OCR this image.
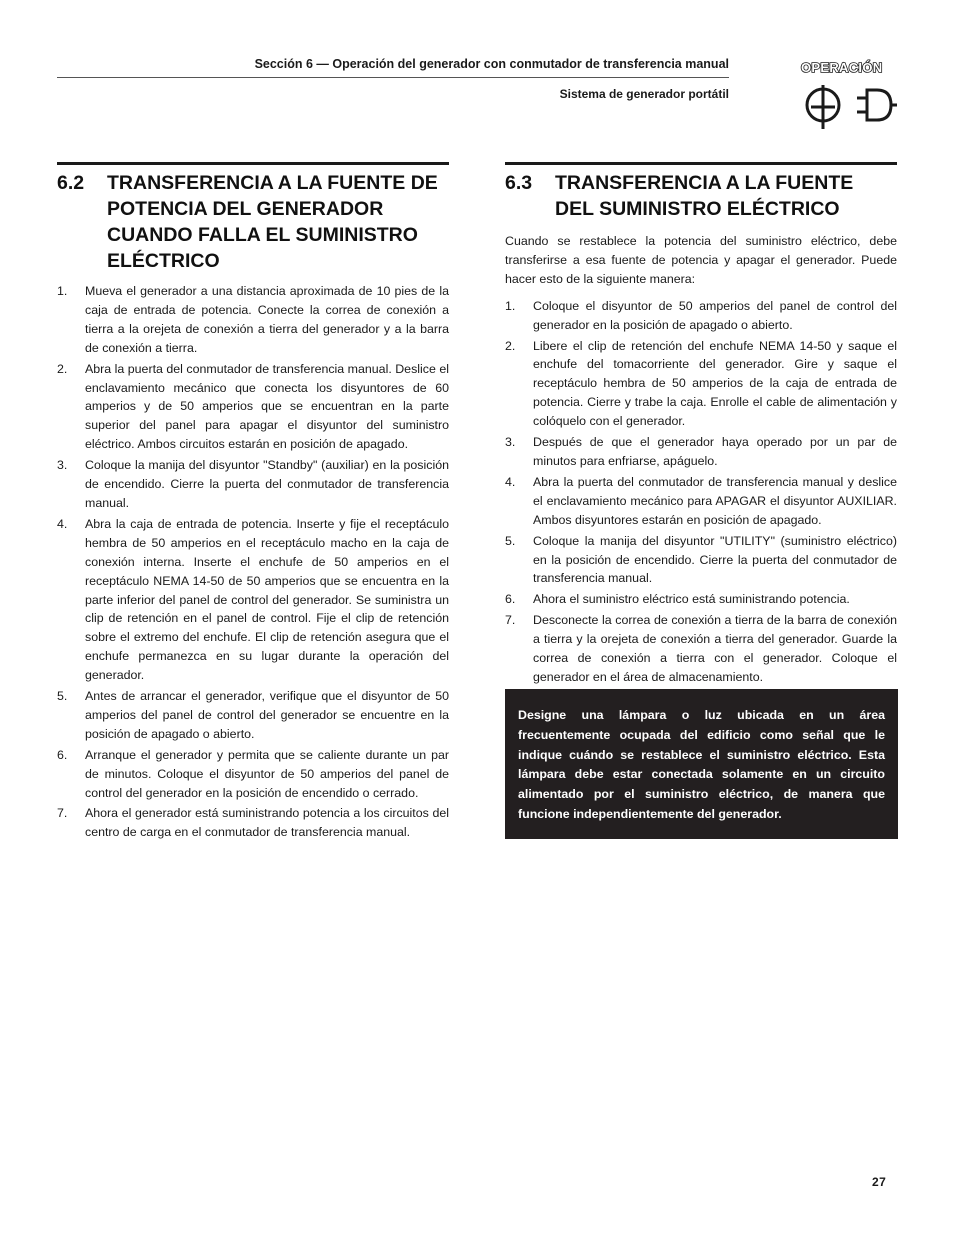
Sección 6 — Operación del generador con conmutador de transferencia manual
Sistema de generador portátil
OPERACIÓN
6.2	TRANSFERENCIA A LA FUENTE DE POTENCIA DEL GENERADOR CUANDO FALLA EL SUMINISTRO ELÉCTRICO
1.	Mueva el generador a una distancia aproximada de 10 pies de la caja de entrada de potencia. Conecte la correa de conexión a tierra a la orejeta de conexión a tierra del generador y a la barra de conexión a tierra.
2.	Abra la puerta del conmutador de transferencia manual. Deslice el enclavamiento mecánico que conecta los disyuntores de 60 amperios y de 50 amperios que se encuentran en la parte superior del panel para apagar el disyuntor del suministro eléctrico. Ambos circuitos estarán en posición de apagado.
3.	Coloque la manija del disyuntor "Standby" (auxiliar) en la posición de encendido. Cierre la puerta del conmutador de transferencia manual.
4.	Abra la caja de entrada de potencia. Inserte y fije el receptáculo hembra de 50 amperios en el receptáculo macho en la caja de conexión interna. Inserte el enchufe de 50 amperios en el receptáculo NEMA 14-50 de 50 amperios que se encuentra en la parte inferior del panel de control del generador. Se suministra un clip de retención en el panel de control. Fije el clip de retención sobre el extremo del enchufe. El clip de retención asegura que el enchufe permanezca en su lugar durante la operación del generador.
5.	Antes de arrancar el generador, verifique que el disyuntor de 50 amperios del panel de control del generador se encuentre en la posición de apagado o abierto.
6.	Arranque el generador y permita que se caliente durante un par de minutos. Coloque el disyuntor de 50 amperios del panel de control del generador en la posición de encendido o cerrado.
7.	Ahora el generador está suministrando potencia a los circuitos del centro de carga en el conmutador de transferencia manual.
6.3	TRANSFERENCIA A LA FUENTE DEL SUMINISTRO ELÉCTRICO

Cuando se restablece la potencia del suministro eléctrico, debe transferirse a esa fuente de potencia y apagar el generador. Puede hacer esto de la siguiente manera:

1.	Coloque el disyuntor de 50 amperios del panel de control del generador en la posición de apagado o abierto.
2.	Libere el clip de retención del enchufe NEMA 14-50 y saque el enchufe del tomacorriente del generador. Gire y saque el receptáculo hembra de 50 amperios de la caja de entrada de potencia. Cierre y trabe la caja. Enrolle el cable de alimentación y colóquelo con el generador.
3.	Después de que el generador haya operado por un par de minutos para enfriarse, apáguelo.
4.	Abra la puerta del conmutador de transferencia manual y deslice el enclavamiento mecánico para APAGAR el disyuntor AUXILIAR. Ambos disyuntores estarán en posición de apagado.
5.	Coloque la manija del disyuntor "UTILITY" (suministro eléctrico) en la posición de encendido. Cierre la puerta del conmutador de transferencia manual.
6.	Ahora el suministro eléctrico está suministrando potencia.
7.	Desconecte la correa de conexión a tierra de la barra de conexión a tierra y la orejeta de conexión a tierra del generador. Guarde la correa de conexión a tierra con el generador. Coloque el generador en el área de almacenamiento.

Designe una lámpara o luz ubicada en un área frecuentemente ocupada del edificio como señal que le indique cuándo se restablece el suministro eléctrico. Esta lámpara debe estar conectada solamente en un circuito alimentado por el suministro eléctrico, de manera que funcione independientemente del generador.

27
